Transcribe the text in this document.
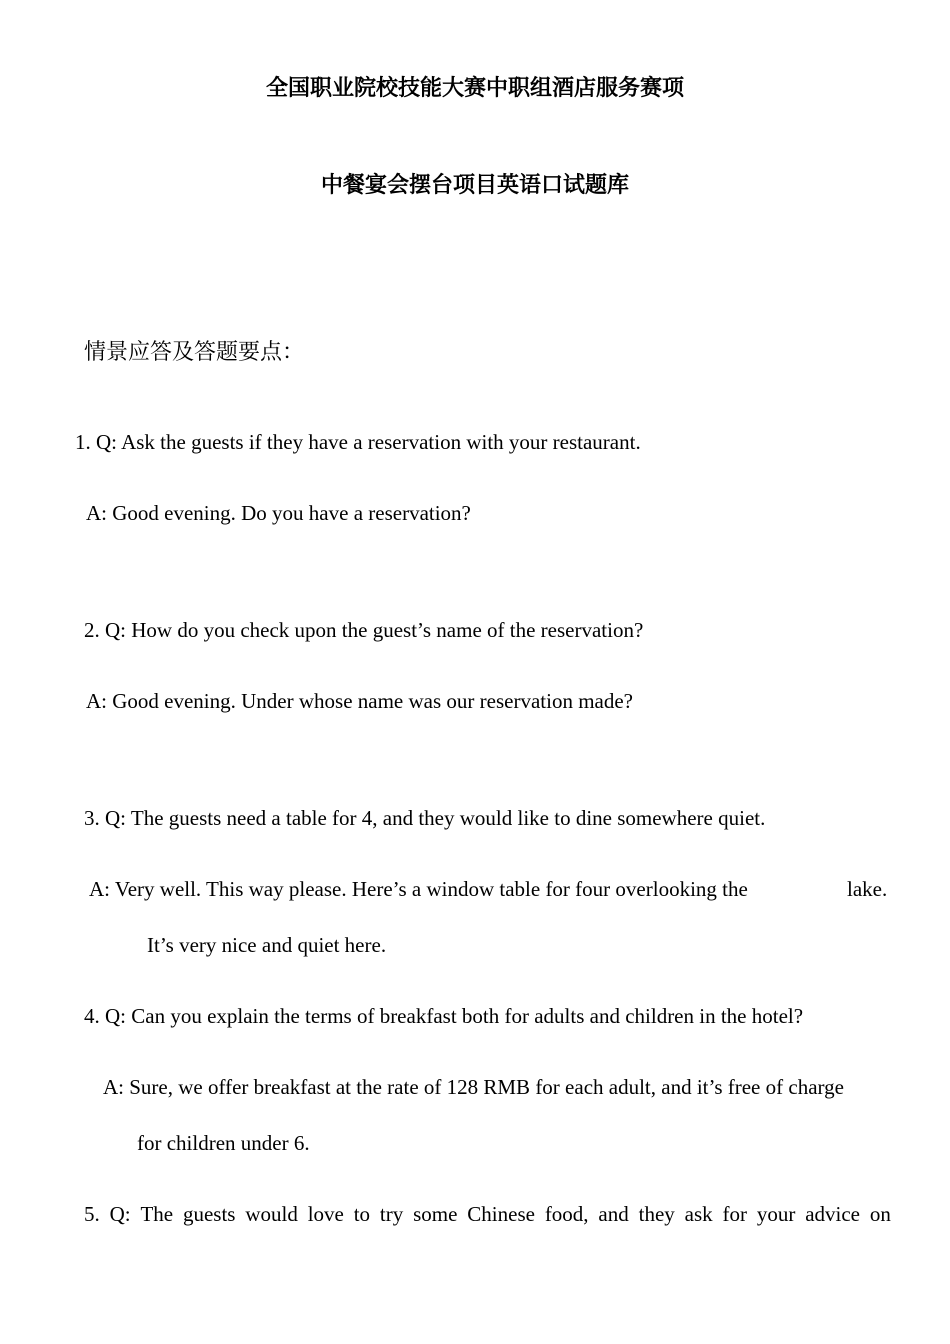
全国职业院校技能大赛中职组酒店服务赛项
中餐宴会摆台项目英语口试题库
情景应答及答题要点：
1. Q: Ask the guests if they have a reservation with your restaurant.
A: Good evening. Do you have a reservation?
2. Q: How do you check upon the guest’s name of the reservation?
A: Good evening. Under whose name was our reservation made?
3. Q: The guests need a table for 4, and they would like to dine somewhere quiet.
A: Very well. This way please. Here’s a window table for four overlooking the	lake.
It’s very nice and quiet here.
4. Q: Can you explain the terms of breakfast both for adults and children in the hotel?
A: Sure, we offer breakfast at the rate of 128 RMB for each adult, and it’s free of charge
for children under 6.
5. Q: The guests would love to try some Chinese food, and they ask for your advice on
